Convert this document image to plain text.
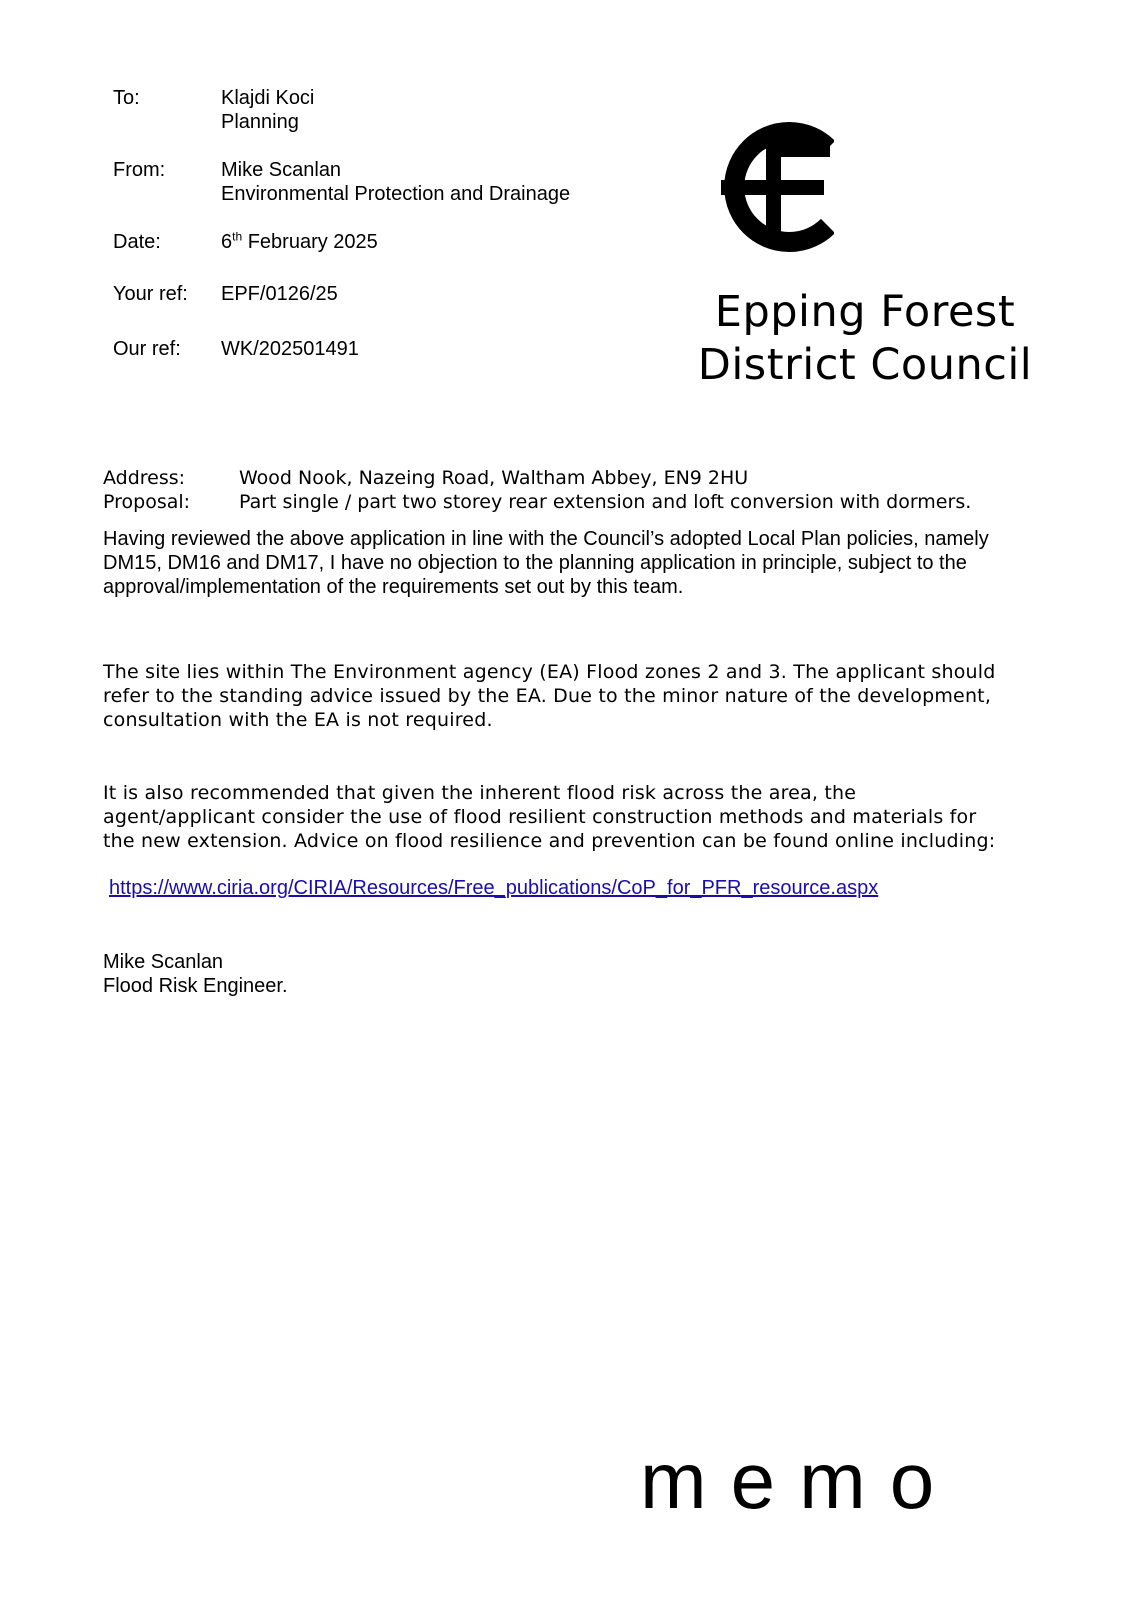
To:	Klajdi Koci
Planning
From:	Mike Scanlan
Environmental Protection and Drainage
Date:	6th February 2025
Your ref: EPF/0126/25
Our ref: WK/202501491
Epping Forest
District Council
Address:	Wood Nook, Nazeing Road, Waltham Abbey, EN9 2HU
Proposal:	Part single / part two storey rear extension and loft conversion with dormers.

Having reviewed the above application in line with the Council’s adopted Local Plan policies, namely DM15, DM16 and DM17, I have no objection to the planning application in principle, subject to the approval/implementation of the requirements set out by this team.

The site lies within The Environment agency (EA) Flood zones 2 and 3. The applicant should refer to the standing advice issued by the EA. Due to the minor nature of the development, consultation with the EA is not required.

It is also recommended that given the inherent flood risk across the area, the agent/applicant consider the use of flood resilient construction methods and materials for the new extension. Advice on flood resilience and prevention can be found online including:

https://www.ciria.org/CIRIA/Resources/Free_publications/CoP_for_PFR_resource.aspx
Mike Scanlan
Flood Risk Engineer.
memo
